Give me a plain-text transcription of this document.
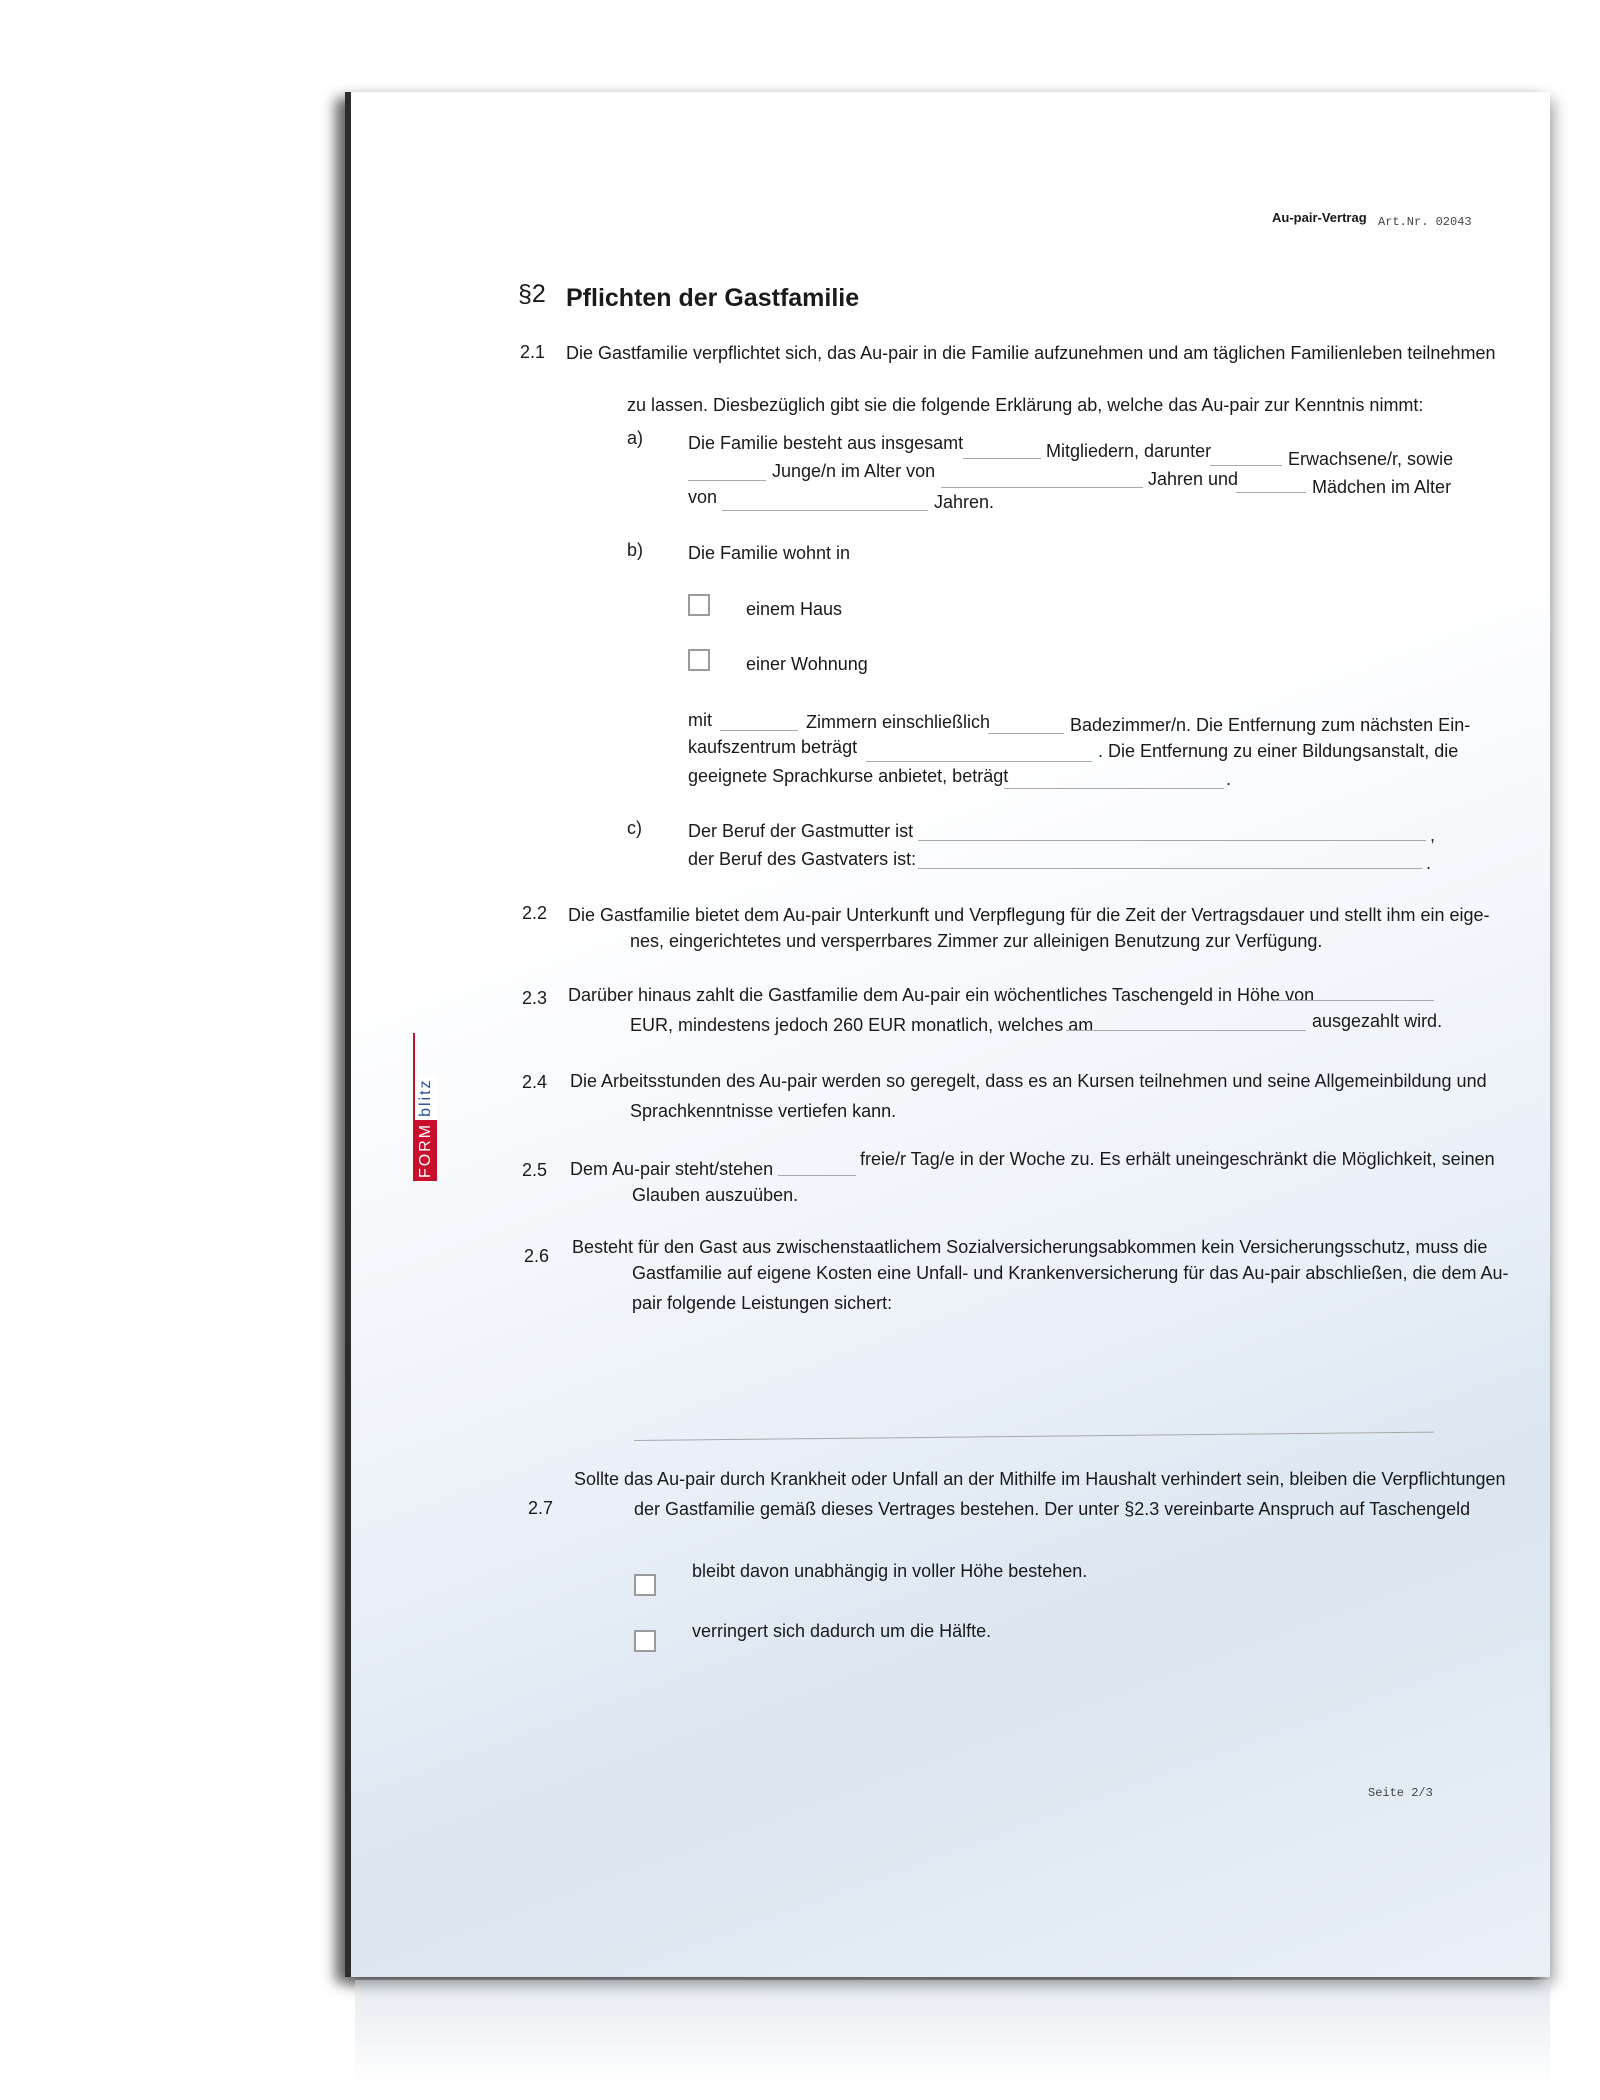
Au-pair-Vertrag Art.Nr. 02043
§2 Pflichten der Gastfamilie
2.1 Die Gastfamilie verpflichtet sich, das Au-pair in die Familie aufzunehmen und am täglichen Familienleben teilnehmen
zu lassen. Diesbezüglich gibt sie die folgende Erklärung ab, welche das Au-pair zur Kenntnis nimmt:
a) Die Familie besteht aus insgesamt	Mitgliedern, darunter	Erwachsene/r, sowie
Junge/n im Alter von	Jahren und	Mädchen im Alter
von	Jahren.
b) Die Familie wohnt in
einem Haus
einer Wohnung
mit	Zimmern einschließlich	Badezimmer/n. Die Entfernung zum nächsten Ein-
kaufszentrum beträgt	. Die Entfernung zu einer Bildungsanstalt, die
geeignete Sprachkurse anbietet, beträgt	.
c)	Der Beruf der Gastmutter ist	,
der Beruf des Gastvaters ist:	.
2.2 Die Gastfamilie bietet dem Au-pair Unterkunft und Verpflegung für die Zeit der Vertragsdauer und stellt ihm ein eige-
nes, eingerichtetes und versperrbares Zimmer zur alleinigen Benutzung zur Verfügung.
2.3 Darüber hinaus zahlt die Gastfamilie dem Au-pair ein wöchentliches Taschengeld in Höhe von
EUR, mindestens jedoch 260 EUR monatlich, welches am	ausgezahlt wird.
2.4 Die Arbeitsstunden des Au-pair werden so geregelt, dass es an Kursen teilnehmen und seine Allgemeinbildung und
Sprachkenntnisse vertiefen kann.
2.5 Dem Au-pair steht/stehen	freie/r Tag/e in der Woche zu. Es erhält uneingeschränkt die Möglichkeit, seinen
Glauben auszuüben.
2.6 Besteht für den Gast aus zwischenstaatlichem Sozialversicherungsabkommen kein Versicherungsschutz, muss die
Gastfamilie auf eigene Kosten eine Unfall- und Krankenversicherung für das Au-pair abschließen, die dem Au-
pair folgende Leistungen sichert:
2.7
Sollte das Au-pair durch Krankheit oder Unfall an der Mithilfe im Haushalt verhindert sein, bleiben die Verpflichtungen
der Gastfamilie gemäß dieses Vertrages bestehen. Der unter §2.3 vereinbarte Anspruch auf Taschengeld
bleibt davon unabhängig in voller Höhe bestehen.
verringert sich dadurch um die Hälfte.
Seite 2/3
FORM
blitz
